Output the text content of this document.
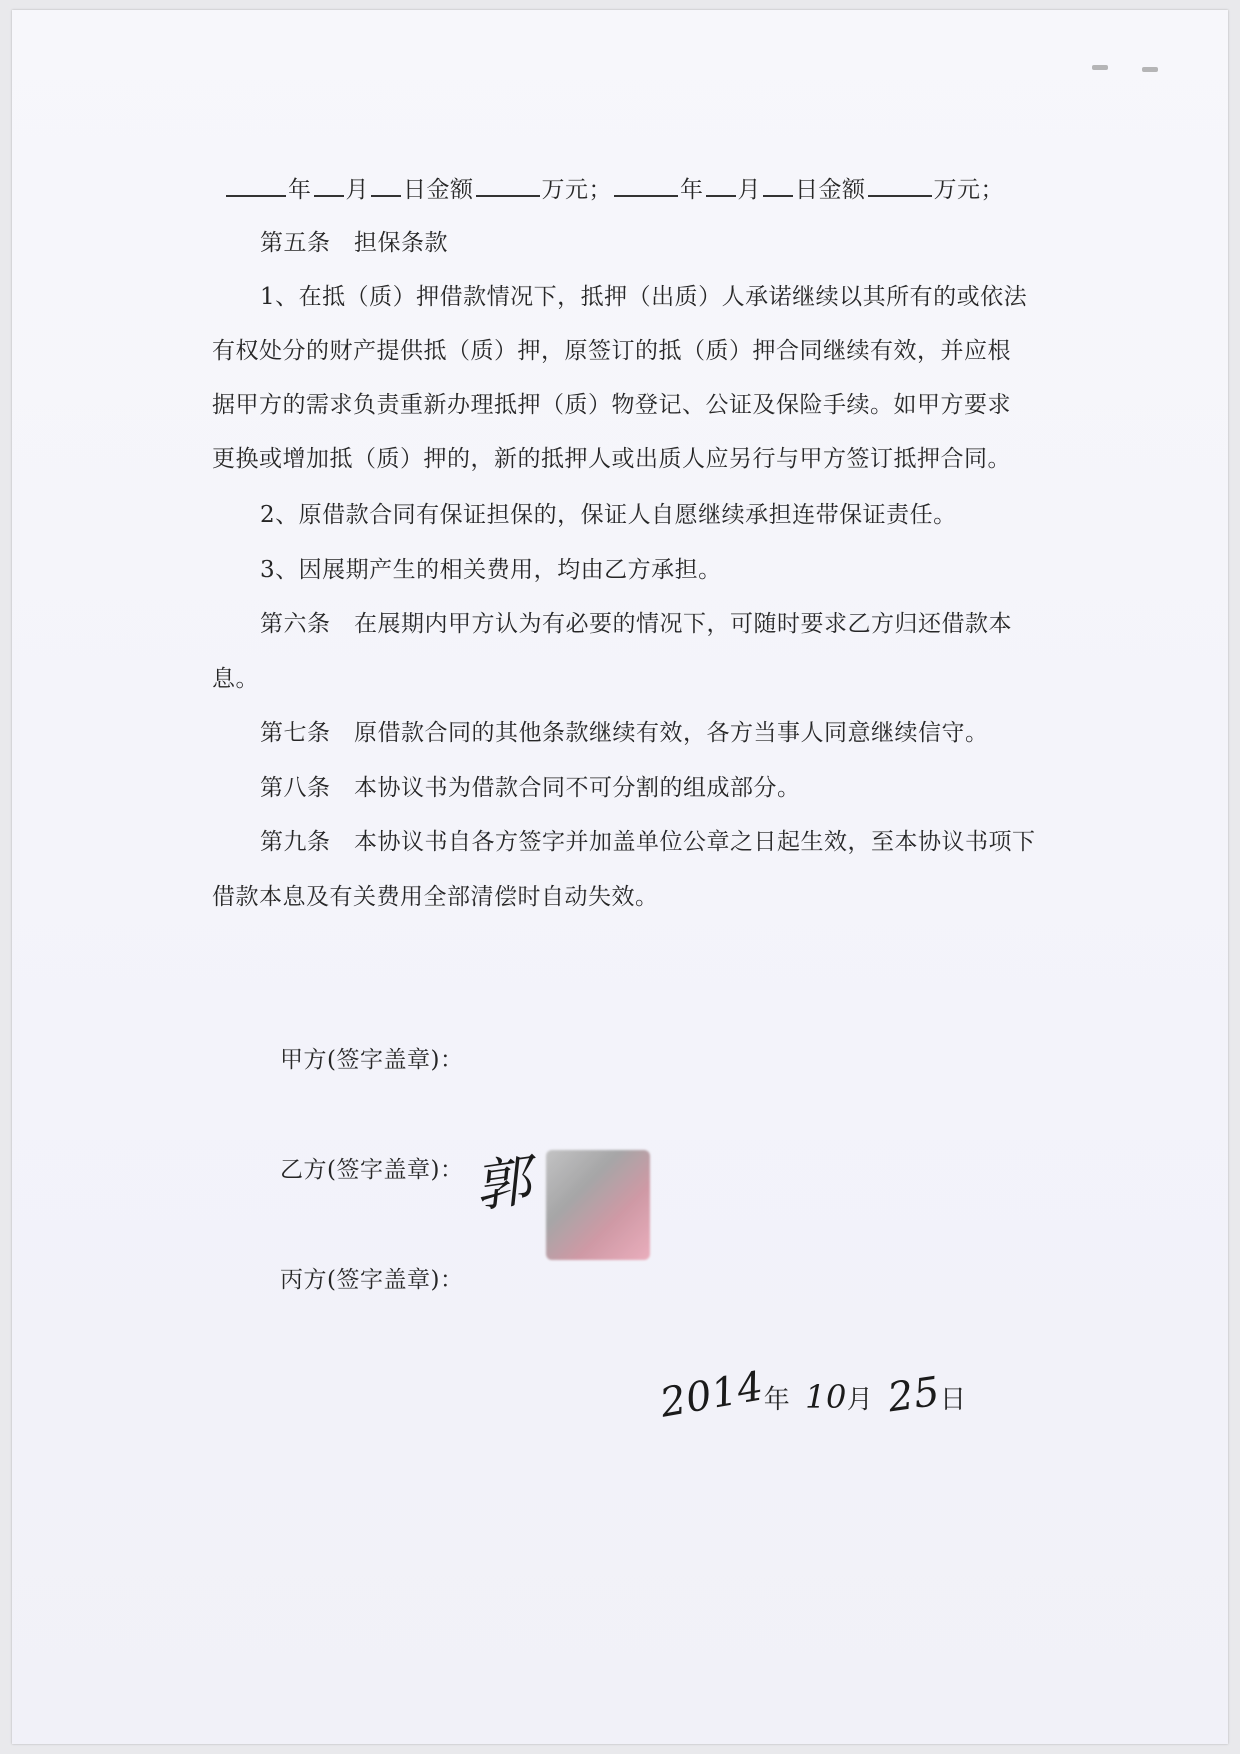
年 月 日金额	万元；	年 月 日金额	万元；
第五条　担保条款
1、在抵（质）押借款情况下，抵押（出质）人承诺继续以其所有的或依法
有权处分的财产提供抵（质）押，原签订的抵（质）押合同继续有效，并应根
据甲方的需求负责重新办理抵押（质）物登记、公证及保险手续。如甲方要求
更换或增加抵（质）押的，新的抵押人或出质人应另行与甲方签订抵押合同。
2、原借款合同有保证担保的，保证人自愿继续承担连带保证责任。
3、因展期产生的相关费用，均由乙方承担。
第六条　在展期内甲方认为有必要的情况下，可随时要求乙方归还借款本
息。
第七条　原借款合同的其他条款继续有效，各方当事人同意继续信守。
第八条　本协议书为借款合同不可分割的组成部分。
第九条　本协议书自各方签字并加盖单位公章之日起生效，至本协议书项下
借款本息及有关费用全部清偿时自动失效。
甲方(签字盖章)：
乙方(签字盖章)：
丙方(签字盖章)：
郭
2014年 10月 25日
